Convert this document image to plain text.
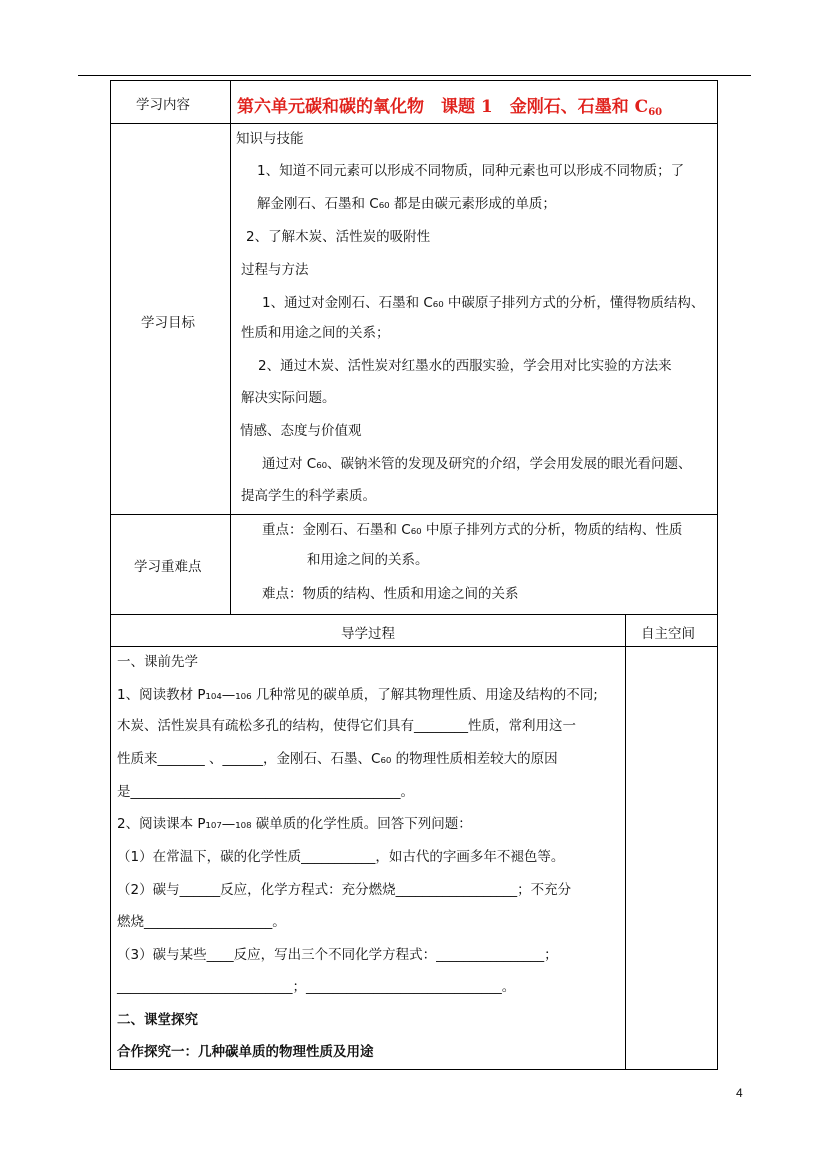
学习内容	第六单元碳和碳的氧化物　课题 1　金刚石、石墨和 $C_{60}$
学习目标
知识与技能
1、知道不同元素可以形成不同物质，同种元素也可以形成不同物质；了
解金刚石、石墨和 C₆₀ 都是由碳元素形成的单质；
2、了解木炭、活性炭的吸附性
过程与方法
1、通过对金刚石、石墨和 C₆₀ 中碳原子排列方式的分析，懂得物质结构、
性质和用途之间的关系；
2、通过木炭、活性炭对红墨水的西服实验，学会用对比实验的方法来
解决实际问题。
情感、态度与价值观
通过对 C₆₀、碳钠米管的发现及研究的介绍，学会用发展的眼光看问题、
提高学生的科学素质。
学习重难点
重点：金刚石、石墨和 C₆₀ 中原子排列方式的分析，物质的结构、性质
和用途之间的关系。
难点：物质的结构、性质和用途之间的关系
导学过程	自主空间
一、课前先学
1、阅读教材 P₁₀₄—₁₀₆ 几种常见的碳单质，了解其物理性质、用途及结构的不同;
木炭、活性炭具有疏松多孔的结构，使得它们具有________性质，常利用这一
性质来_______ 、______，金刚石、石墨、C₆₀ 的物理性质相差较大的原因
是________________________________________。
2、阅读课本 P₁₀₇—₁₀₈ 碳单质的化学性质。回答下列问题：
（1）在常温下，碳的化学性质___________，如古代的字画多年不褪色等。
（2）碳与______反应，化学方程式：充分燃烧__________________；不充分
燃烧___________________。
（3）碳与某些____反应，写出三个不同化学方程式：________________；
__________________________；_____________________________。
二、课堂探究
合作探究一：几种碳单质的物理性质及用途
4
